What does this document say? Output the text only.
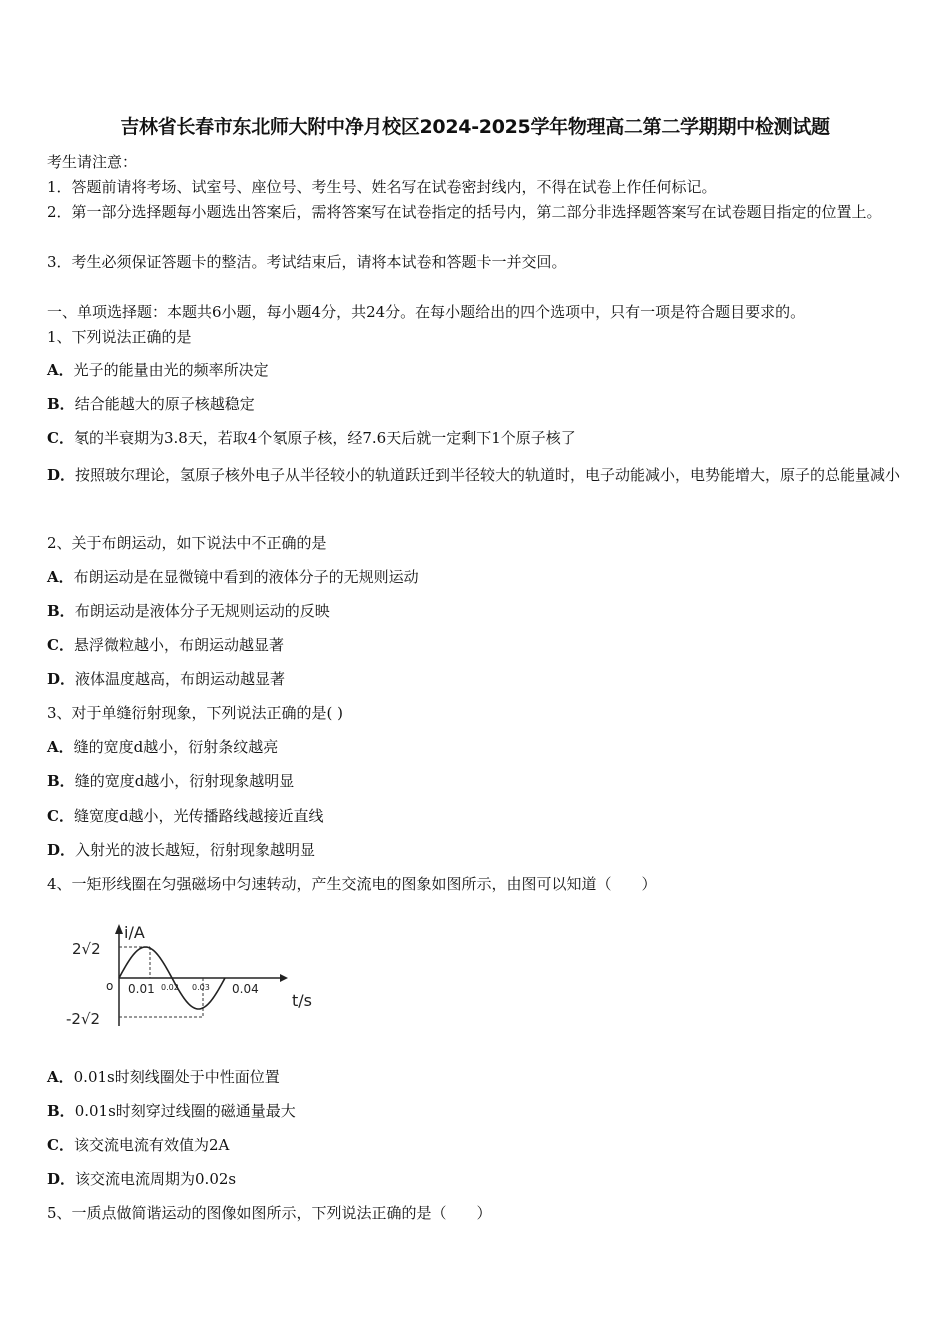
吉林省长春市东北师大附中净月校区2024-2025学年物理高二第二学期期中检测试题
考生请注意：
1．答题前请将考场、试室号、座位号、考生号、姓名写在试卷密封线内，不得在试卷上作任何标记。
2．第一部分选择题每小题选出答案后，需将答案写在试卷指定的括号内，第二部分非选择题答案写在试卷题目指定的位置上。
3．考生必须保证答题卡的整洁。考试结束后，请将本试卷和答题卡一并交回。
一、单项选择题：本题共6小题，每小题4分，共24分。在每小题给出的四个选项中，只有一项是符合题目要求的。
1、下列说法正确的是
A．光子的能量由光的频率所决定
B．结合能越大的原子核越稳定
C．氡的半衰期为3.8天，若取4个氡原子核，经7.6天后就一定剩下1个原子核了
D．按照玻尔理论，氢原子核外电子从半径较小的轨道跃迁到半径较大的轨道时，电子动能减小，电势能增大，原子的总能量减小
2、关于布朗运动，如下说法中不正确的是
A．布朗运动是在显微镜中看到的液体分子的无规则运动
B．布朗运动是液体分子无规则运动的反映
C．悬浮微粒越小，布朗运动越显著
D．液体温度越高，布朗运动越显著
3、对于单缝衍射现象，下列说法正确的是( )
A．缝的宽度d越小，衍射条纹越亮
B．缝的宽度d越小，衍射现象越明显
C．缝宽度d越小，光传播路线越接近直线
D．入射光的波长越短，衍射现象越明显
4、一矩形线圈在匀强磁场中匀速转动，产生交流电的图象如图所示，由图可以知道（　　）
i/A
t/s
2√2
-2√2
o 0.01 0.02 0.03 0.04
A．0.01s时刻线圈处于中性面位置
B．0.01s时刻穿过线圈的磁通量最大
C．该交流电流有效值为2A
D．该交流电流周期为0.02s
5、一质点做简谐运动的图像如图所示，下列说法正确的是（　　）
